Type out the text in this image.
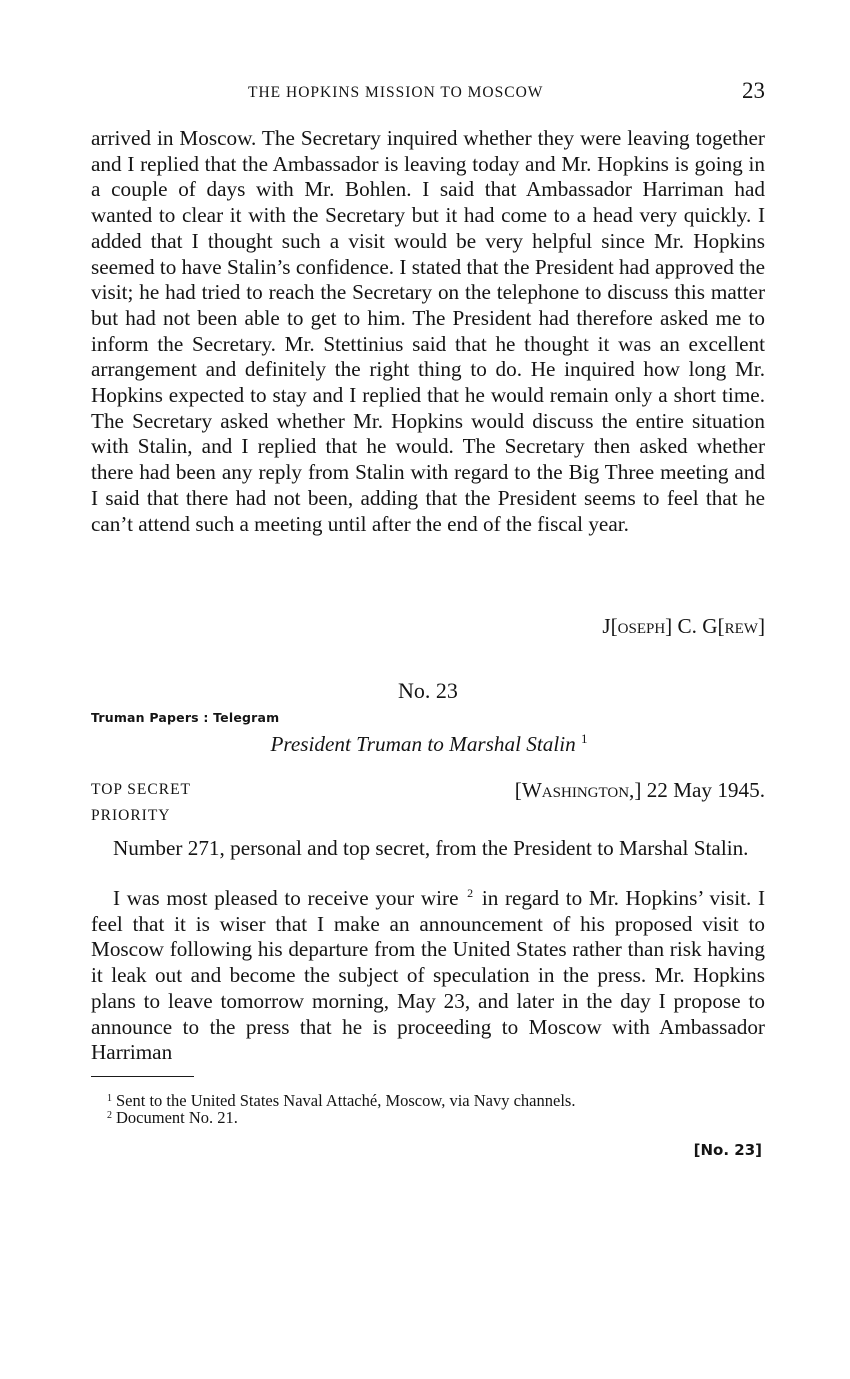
THE HOPKINS MISSION TO MOSCOW	23

arrived in Moscow. The Secretary inquired whether they were leaving together and I replied that the Ambassador is leaving today and Mr. Hopkins is going in a couple of days with Mr. Bohlen. I said that Ambassador Harriman had wanted to clear it with the Secretary but it had come to a head very quickly. I added that I thought such a visit would be very helpful since Mr. Hopkins seemed to have Stalin’s confidence. I stated that the President had approved the visit; he had tried to reach the Secretary on the telephone to discuss this matter but had not been able to get to him. The President had therefore asked me to inform the Secretary. Mr. Stettinius said that he thought it was an excellent arrangement and definitely the right thing to do. He inquired how long Mr. Hopkins expected to stay and I replied that he would remain only a short time. The Secretary asked whether Mr. Hopkins would discuss the entire situation with Stalin, and I replied that he would. The Secretary then asked whether there had been any reply from Stalin with regard to the Big Three meeting and I said that there had not been, adding that the President seems to feel that he can’t attend such a meeting until after the end of the fiscal year.

J[oseph] C. G[rew]
No. 23
Truman Papers : Telegram
President Truman to Marshal Stalin $^1$
TOP SECRET
PRIORITY
[Washington,] 22 May 1945.

Number 271, personal and top secret, from the President to Marshal Stalin.

I was most pleased to receive your wire $^2$ in regard to Mr. Hopkins’ visit. I feel that it is wiser that I make an announcement of his proposed visit to Moscow following his departure from the United States rather than risk having it leak out and become the subject of speculation in the press. Mr. Hopkins plans to leave tomorrow morning, May 23, and later in the day I propose to announce to the press that he is proceeding to Moscow with Ambassador Harriman

$^1$ Sent to the United States Naval Attaché, Moscow, via Navy channels.
$^2$ Document No. 21.
[No. 23]
